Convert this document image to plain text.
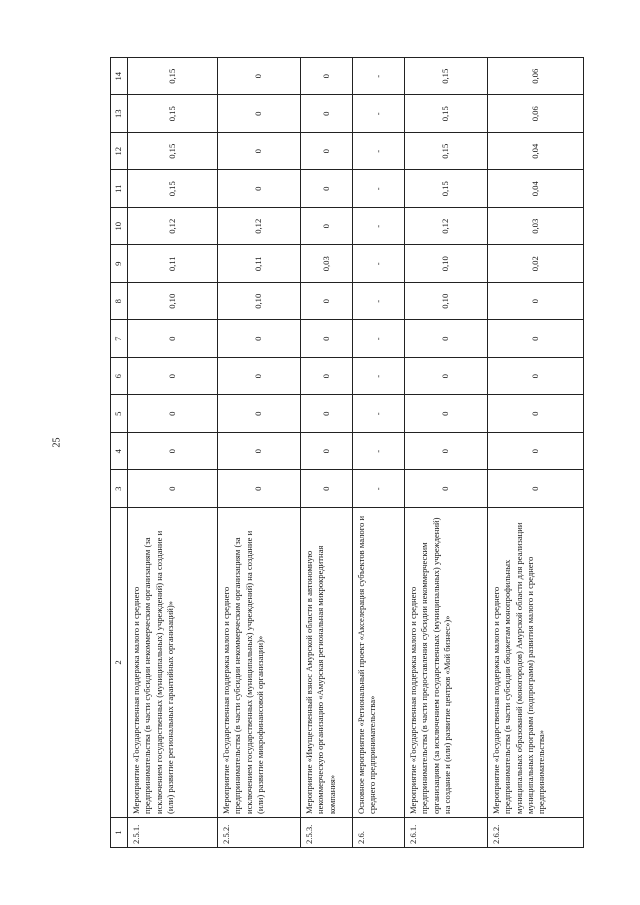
25
1	2	3	4	5	6	7	8	9	10	11	12	13	14
2.5.1.	Мероприятие «Государственная поддержка малого и среднего предпринимательства (в части субсидии некоммерческим организациям (за исключением государственных (муниципальных) учреждений) на создание и (или) развитие региональных гарантийных организаций)»	0	0	0	0	0	0,10	0,11	0,12	0,15	0,15	0,15	0,15
2.5.2.	Мероприятие «Государственная поддержка малого и среднего предпринимательства (в части субсидии некоммерческим организациям (за исключением государственных (муниципальных) учреждений) на создание и (или) развитие микрофинансовой организации)»	0	0	0	0	0	0,10	0,11	0,12	0	0	0	0
2.5.3.	Мероприятие «Имущественный взнос Амурской области в автономную некоммерческую организацию «Амурская региональная микрокредитная компания»	0	0	0	0	0	0	0,03	0	0	0	0	0
2.6.	Основное мероприятие «Региональный проект «Акселерация субъектов малого и среднего предпринимательства»	-	-	-	-	-	-	-	-	-	-	-	-
2.6.1.	Мероприятие «Государственная поддержка малого и среднего предпринимательства (в части предоставления субсидии некоммерческим организациям (за исключением государственных (муниципальных) учреждений) на создание и (или) развитие центров «Мой бизнес»)»	0	0	0	0	0	0,10	0,10	0,12	0,15	0,15	0,15	0,15
2.6.2.	Мероприятие «Государственная поддержка малого и среднего предпринимательства (в части субсидии бюджетам монопрофильных муниципальных образований (моногородов) Амурской области для реализации муниципальных программ (подпрограмм) развития малого и среднего предпринимательства»	0	0	0	0	0	0	0,02	0,03	0,04	0,04	0,06	0,06
